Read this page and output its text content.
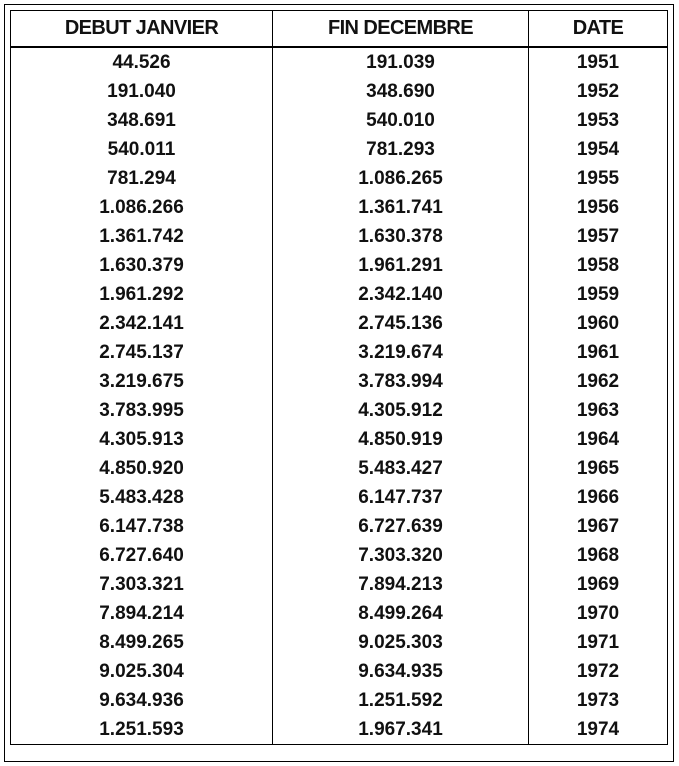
DEBUT JANVIER	FIN DECEMBRE	DATE
44.526	191.039	1951
191.040	348.690	1952
348.691	540.010	1953
540.011	781.293	1954
781.294	1.086.265	1955
1.086.266	1.361.741	1956
1.361.742	1.630.378	1957
1.630.379	1.961.291	1958
1.961.292	2.342.140	1959
2.342.141	2.745.136	1960
2.745.137	3.219.674	1961
3.219.675	3.783.994	1962
3.783.995	4.305.912	1963
4.305.913	4.850.919	1964
4.850.920	5.483.427	1965
5.483.428	6.147.737	1966
6.147.738	6.727.639	1967
6.727.640	7.303.320	1968
7.303.321	7.894.213	1969
7.894.214	8.499.264	1970
8.499.265	9.025.303	1971
9.025.304	9.634.935	1972
9.634.936	1.251.592	1973
1.251.593	1.967.341	1974
